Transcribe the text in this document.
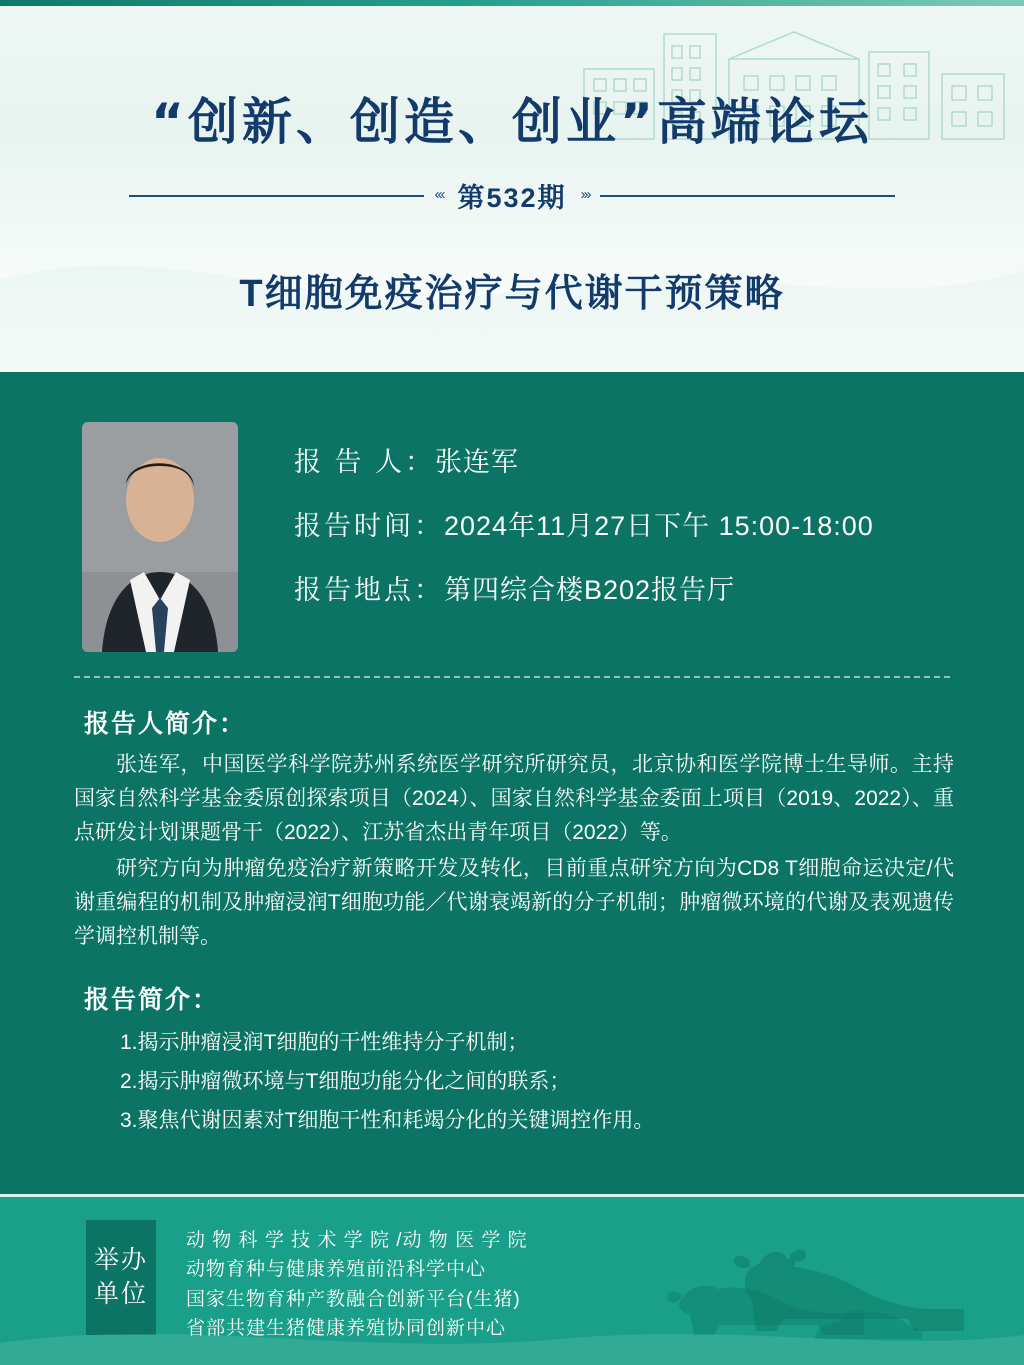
“创新、创造、创业”高端论坛
‹‹‹ 第532期 ›››
T细胞免疫治疗与代谢干预策略
报 告 人：张连军
报告时间：2024年11月27日下午 15:00-18:00
报告地点：第四综合楼B202报告厅
报告人简介：

张连军，中国医学科学院苏州系统医学研究所研究员，北京协和医学院博士生导师。主持国家自然科学基金委原创探索项目（2024）、国家自然科学基金委面上项目（2019、2022）、重点研发计划课题骨干（2022）、江苏省杰出青年项目（2022）等。

研究方向为肿瘤免疫治疗新策略开发及转化，目前重点研究方向为CD8 T细胞命运决定/代谢重编程的机制及肿瘤浸润T细胞功能／代谢衰竭新的分子机制；肿瘤微环境的代谢及表观遗传学调控机制等。

报告简介：
1.揭示肿瘤浸润T细胞的干性维持分子机制；
2.揭示肿瘤微环境与T细胞功能分化之间的联系；
3.聚焦代谢因素对T细胞干性和耗竭分化的关键调控作用。
举办
单位
动 物 科 学 技 术 学 院 /动 物 医 学 院
动物育种与健康养殖前沿科学中心
国家生物育种产教融合创新平台(生猪)
省部共建生猪健康养殖协同创新中心
